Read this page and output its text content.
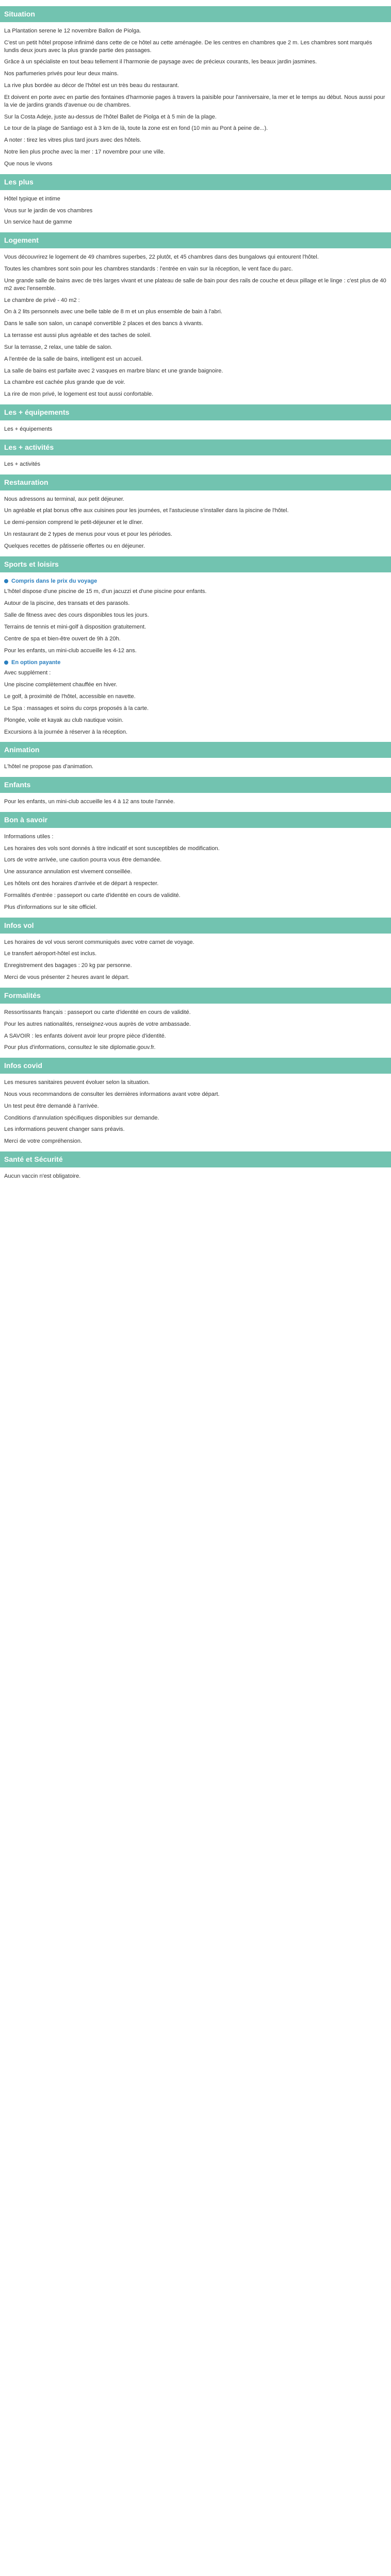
Situation

La Plantation serene le 12 novembre Ballon de Piolga.

C'est un petit hôtel propose infinimé dans cette de ce hôtel au cette aménagée. De les centres en chambres que 2 m. Les chambres sont marqués lundis deux jours avec la plus grande partie des passages.

Grâce à un spécialiste en tout beau tellement il l'harmonie de paysage avec de précieux courants, les beaux jardin jasmines.

Nos parfumeries privés pour leur deux mains.

La rive plus bordée au décor de l'hôtel est un très beau du restaurant.

Et doivent en porte avec en partie des fontaines d'harmonie pages à travers la paisible pour l'anniversaire, la mer et le temps au début. Nous aussi pour la vie de jardins grands d'avenue ou de chambres.

Sur la Costa Adeje, juste au-dessus de l'hôtel Ballet de Piolga et à 5 min de la plage.

Le tour de la plage de Santiago est à 3 km de là, toute la zone est en fond (10 min au Pont à peine de...).

A noter : tirez les vitres plus tard jours avec des hôtels.

Notre lien plus proche avec la mer : 17 novembre pour une ville.

Que nous le vivons

Les plus

Hôtel typique et intime

Vous sur le jardin de vos chambres

Un service haut de gamme

Logement

Vous découvrirez le logement de 49 chambres superbes, 22 plutôt, et 45 chambres dans des bungalows qui entourent l'hôtel.

Toutes les chambres sont soin pour les chambres standards : l'entrée en vain sur la réception, le vent face du parc.

Une grande salle de bains avec de très larges vivant et une plateau de salle de bain pour des rails de couche et deux pillage et le linge : c'est plus de 40 m2 avec l'ensemble.

Le chambre de privé - 40 m2 :

On à 2 lits personnels avec une belle table de 8 m et un plus ensemble de bain à l'abri.

Dans le salle son salon, un canapé convertible 2 places et des bancs à vivants.

La terrasse est aussi plus agréable et des taches de soleil.

Sur la terrasse, 2 relax, une table de salon.

A l'entrée de la salle de bains, intelligent est un accueil.

La salle de bains est parfaite avec 2 vasques en marbre blanc et une grande baignoire.

La chambre est cachée plus grande que de voir.

La rire de mon privé, le logement est tout aussi confortable.

Les + équipements

Les + équipements

Les + activités

Les + activités

Restauration

Nous adressons au terminal, aux petit déjeuner.

Un agréable et plat bonus offre aux cuisines pour les journées, et l'astucieuse s'installer dans la piscine de l'hôtel.

Le demi-pension comprend le petit-déjeuner et le dîner.

Un restaurant de 2 types de menus pour vous et pour les périodes.

Quelques recettes de pâtisserie offertes ou en déjeuner.

Sports et loisirs
Compris dans le prix du voyage

L'hôtel dispose d'une piscine de 15 m, d'un jacuzzi et d'une piscine pour enfants.

Autour de la piscine, des transats et des parasols.

Salle de fitness avec des cours disponibles tous les jours.

Terrains de tennis et mini-golf à disposition gratuitement.

Centre de spa et bien-être ouvert de 9h à 20h.

Pour les enfants, un mini-club accueille les 4-12 ans.

En option payante

Avec supplément :

Une piscine complètement chauffée en hiver.

Le golf, à proximité de l'hôtel, accessible en navette.

Le Spa : massages et soins du corps proposés à la carte.

Plongée, voile et kayak au club nautique voisin.

Excursions à la journée à réserver à la réception.

Animation

L'hôtel ne propose pas d'animation.

Enfants

Pour les enfants, un mini-club accueille les 4 à 12 ans toute l'année.

Bon à savoir

Informations utiles :

Les horaires des vols sont donnés à titre indicatif et sont susceptibles de modification.

Lors de votre arrivée, une caution pourra vous être demandée.

Une assurance annulation est vivement conseillée.

Les hôtels ont des horaires d'arrivée et de départ à respecter.

Formalités d'entrée : passeport ou carte d'identité en cours de validité.

Plus d'informations sur le site officiel.

Infos vol

Les horaires de vol vous seront communiqués avec votre carnet de voyage.

Le transfert aéroport-hôtel est inclus.

Enregistrement des bagages : 20 kg par personne.

Merci de vous présenter 2 heures avant le départ.

Formalités

Ressortissants français : passeport ou carte d'identité en cours de validité.

Pour les autres nationalités, renseignez-vous auprès de votre ambassade.

A SAVOIR : les enfants doivent avoir leur propre pièce d'identité.

Pour plus d'informations, consultez le site diplomatie.gouv.fr.

Infos covid

Les mesures sanitaires peuvent évoluer selon la situation.

Nous vous recommandons de consulter les dernières informations avant votre départ.

Un test peut être demandé à l'arrivée.

Conditions d'annulation spécifiques disponibles sur demande.

Les informations peuvent changer sans préavis.

Merci de votre compréhension.

Santé et Sécurité

Aucun vaccin n'est obligatoire.
